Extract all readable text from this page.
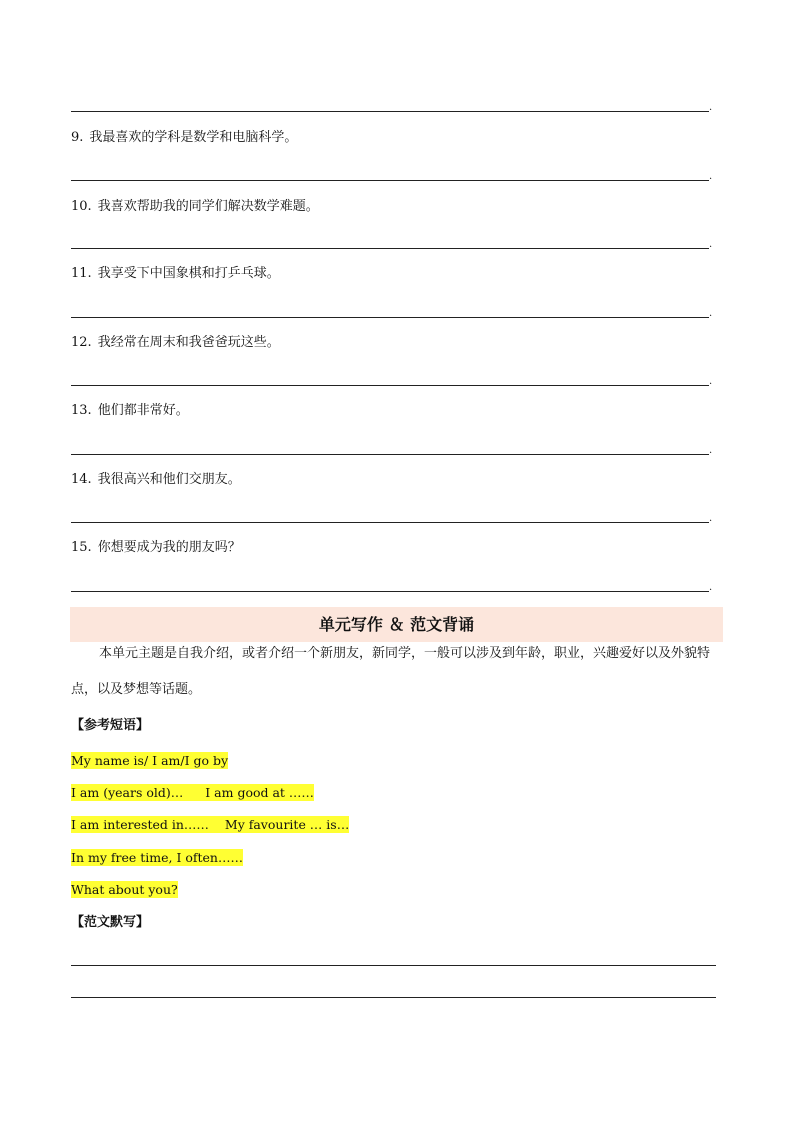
.
9. 我最喜欢的学科是数学和电脑科学。
.
10. 我喜欢帮助我的同学们解决数学难题。
.
11. 我享受下中国象棋和打乒乓球。
.
12. 我经常在周末和我爸爸玩这些。
.
13. 他们都非常好。
.
14. 我很高兴和他们交朋友。
.
15. 你想要成为我的朋友吗？
.
单元写作 ＆ 范文背诵
本单元主题是自我介绍，或者介绍一个新朋友，新同学，一般可以涉及到年龄，职业，兴趣爱好以及外貌特点，以及梦想等话题。
【参考短语】
My name is/ I am/I go by
I am (years old)… I am good at ……
I am interested in…… My favourite … is…
In my free time, I often……
What about you?
【范文默写】
